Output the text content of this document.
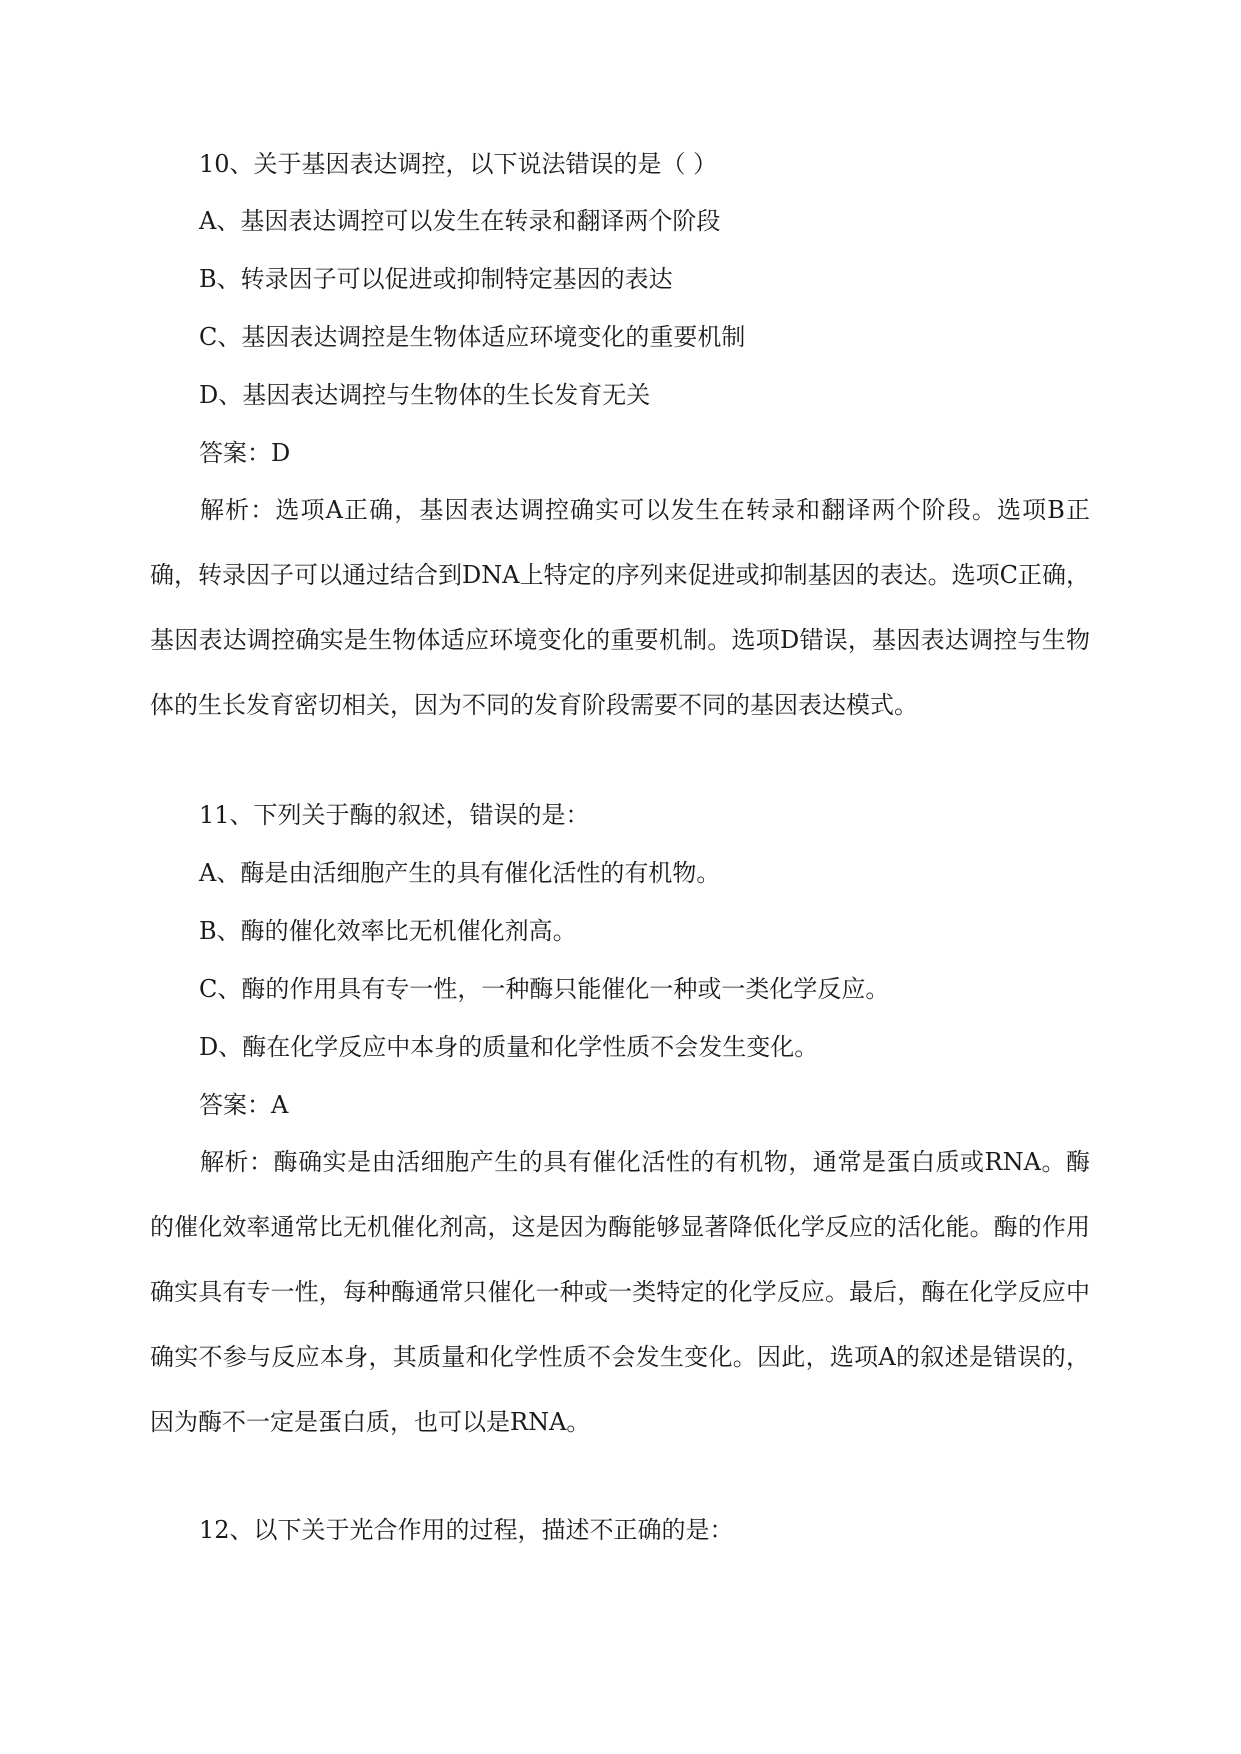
10、关于基因表达调控，以下说法错误的是（ ）
A、基因表达调控可以发生在转录和翻译两个阶段
B、转录因子可以促进或抑制特定基因的表达
C、基因表达调控是生物体适应环境变化的重要机制
D、基因表达调控与生物体的生长发育无关
答案：D
解析：选项A正确，基因表达调控确实可以发生在转录和翻译两个阶段。选项B正确，转录因子可以通过结合到DNA上特定的序列来促进或抑制基因的表达。选项C正确，基因表达调控确实是生物体适应环境变化的重要机制。选项D错误，基因表达调控与生物体的生长发育密切相关，因为不同的发育阶段需要不同的基因表达模式。
11、下列关于酶的叙述，错误的是：
A、酶是由活细胞产生的具有催化活性的有机物。
B、酶的催化效率比无机催化剂高。
C、酶的作用具有专一性，一种酶只能催化一种或一类化学反应。
D、酶在化学反应中本身的质量和化学性质不会发生变化。
答案：A
解析：酶确实是由活细胞产生的具有催化活性的有机物，通常是蛋白质或RNA。酶的催化效率通常比无机催化剂高，这是因为酶能够显著降低化学反应的活化能。酶的作用确实具有专一性，每种酶通常只催化一种或一类特定的化学反应。最后，酶在化学反应中确实不参与反应本身，其质量和化学性质不会发生变化。因此，选项A的叙述是错误的，因为酶不一定是蛋白质，也可以是RNA。
12、以下关于光合作用的过程，描述不正确的是：
